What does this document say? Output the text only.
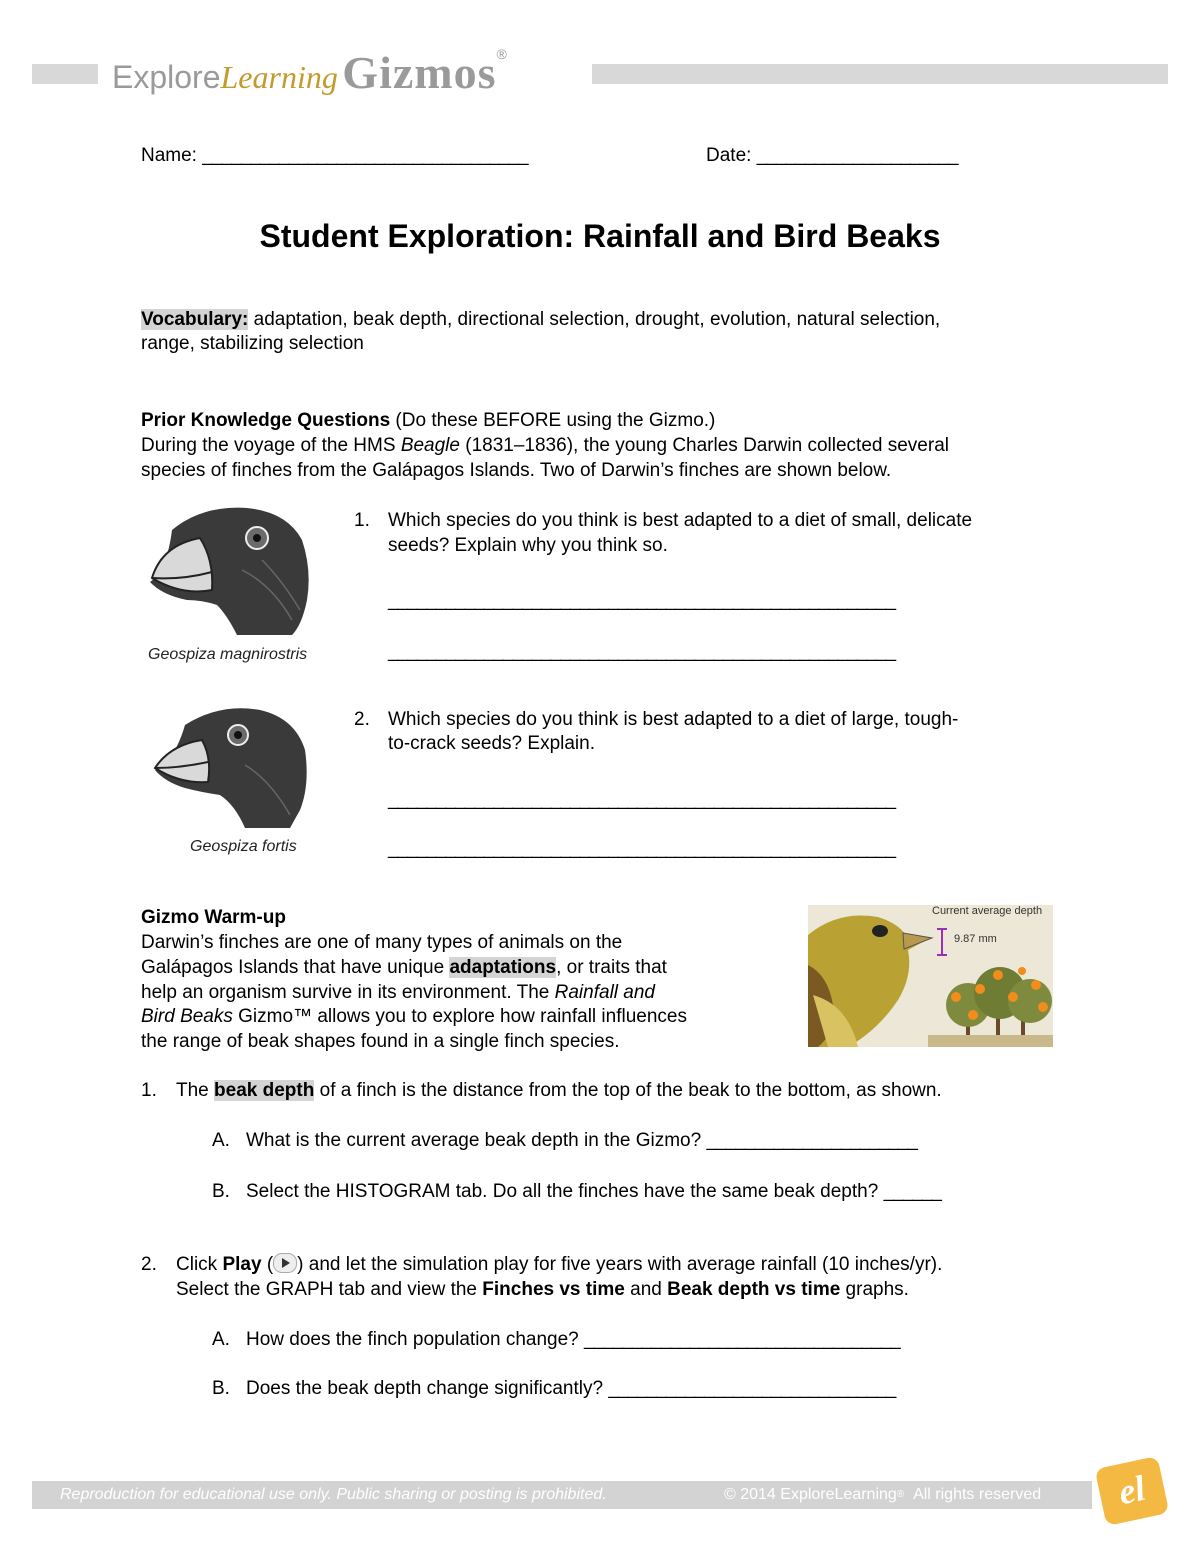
ExploreLearning Gizmos®
Name: __________________________________	Date: _____________________
Student Exploration: Rainfall and Bird Beaks
Vocabulary: adaptation, beak depth, directional selection, drought, evolution, natural selection,
range, stabilizing selection
Prior Knowledge Questions (Do these BEFORE using the Gizmo.)
During the voyage of the HMS Beagle (1831–1836), the young Charles Darwin collected several
species of finches from the Galápagos Islands. Two of Darwin’s finches are shown below.
Geospiza magnirostris
1. Which species do you think is best adapted to a diet of small, delicate
seeds? Explain why you think so.
_____________________________________________________
_____________________________________________________
Geospiza fortis
2. Which species do you think is best adapted to a diet of large, tough-
to-crack seeds? Explain.
_____________________________________________________
_____________________________________________________
Gizmo Warm-up
Darwin’s finches are one of many types of animals on the
Galápagos Islands that have unique adaptations, or traits that
help an organism survive in its environment. The Rainfall and
Bird Beaks Gizmo™ allows you to explore how rainfall influences
the range of beak shapes found in a single finch species.
Current average depth
9.87 mm
1. The beak depth of a finch is the distance from the top of the beak to the bottom, as shown.
A. What is the current average beak depth in the Gizmo? ______________________
B. Select the HISTOGRAM tab. Do all the finches have the same beak depth? ______
2. Click Play ( ) and let the simulation play for five years with average rainfall (10 inches/yr).
Select the GRAPH tab and view the Finches vs time and Beak depth vs time graphs.
A. How does the finch population change? _________________________________
B. Does the beak depth change significantly? ______________________________
Reproduction for educational use only. Public sharing or posting is prohibited.	© 2014 ExploreLearning® All rights reserved	el
